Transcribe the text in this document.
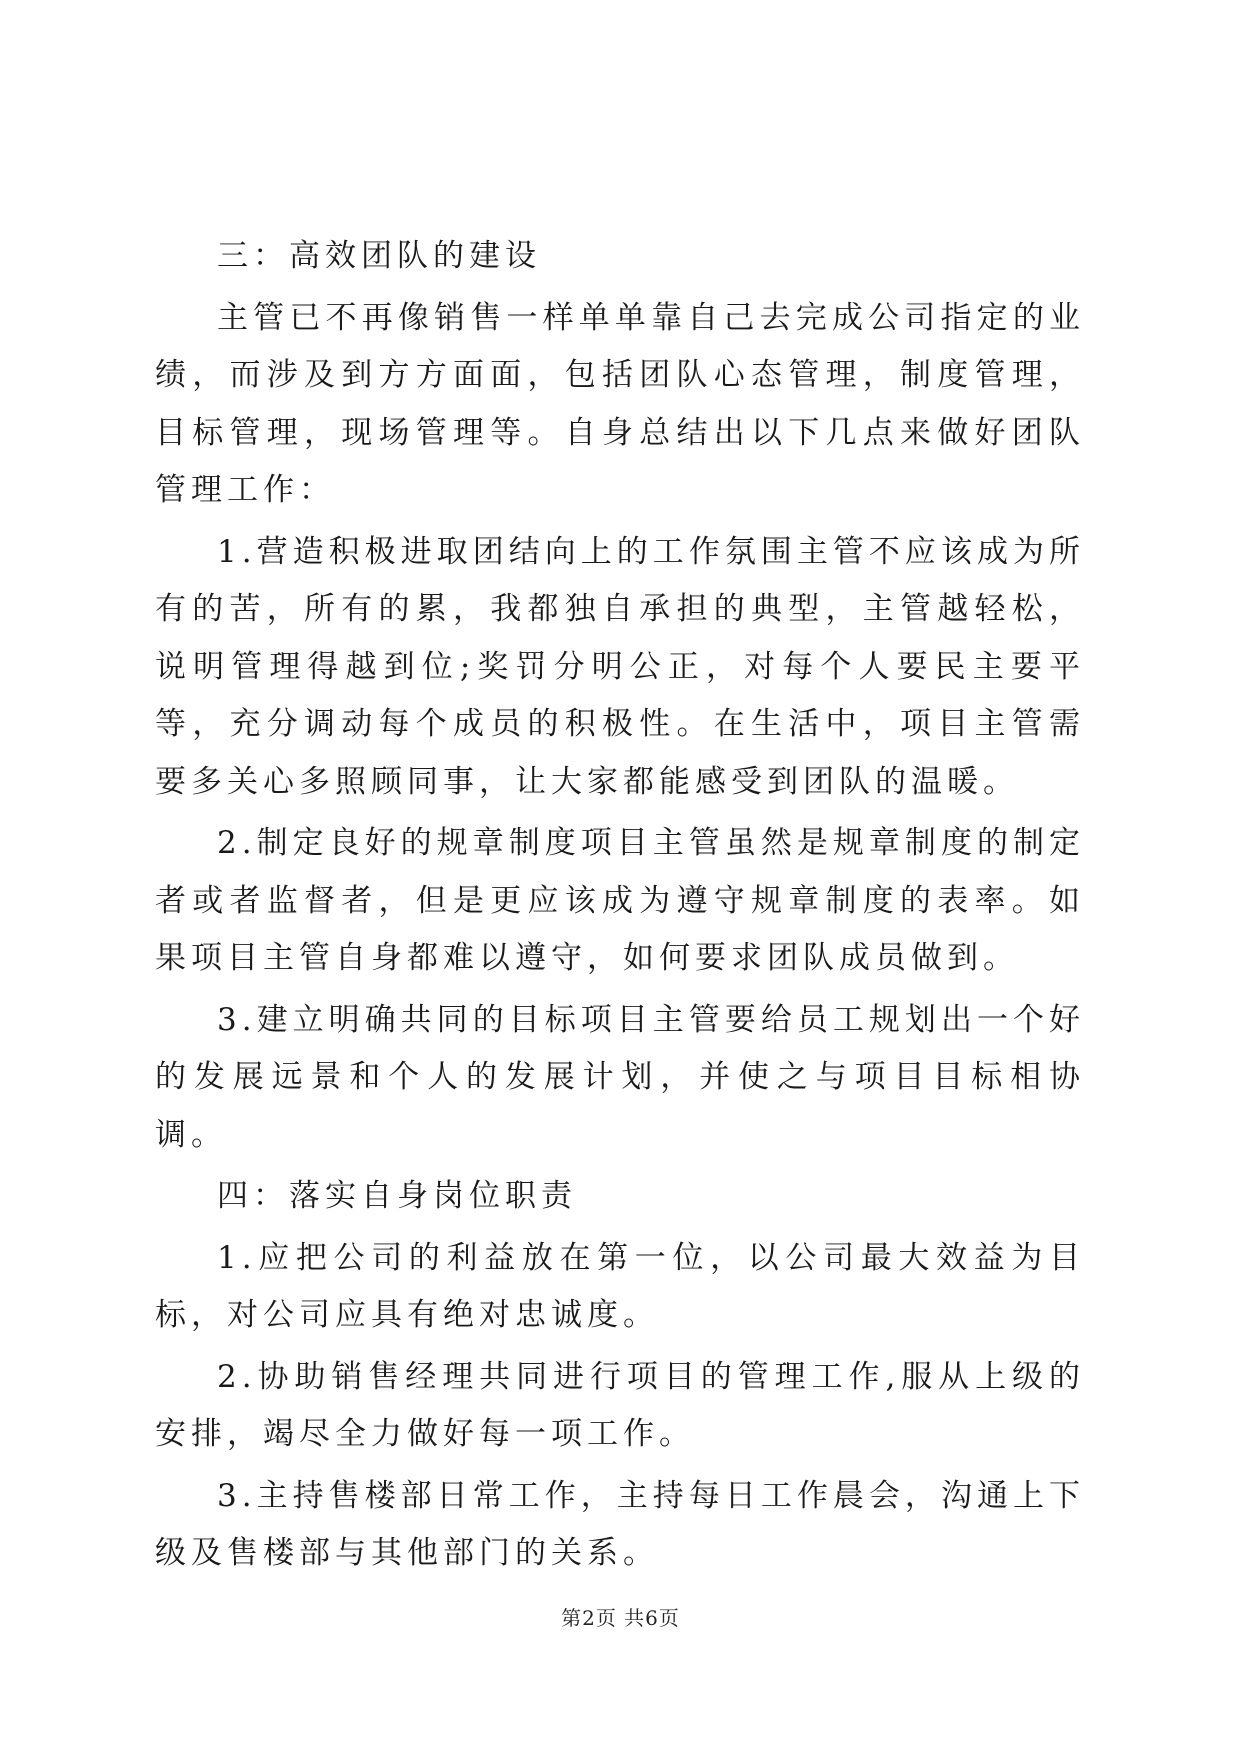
三：高效团队的建设

主管已不再像销售一样单单靠自己去完成公司指定的业绩，而涉及到方方面面，包括团队心态管理，制度管理，目标管理，现场管理等。自身总结出以下几点来做好团队管理工作：

1.营造积极进取团结向上的工作氛围主管不应该成为所有的苦，所有的累，我都独自承担的典型，主管越轻松，说明管理得越到位;奖罚分明公正，对每个人要民主要平等，充分调动每个成员的积极性。在生活中，项目主管需要多关心多照顾同事，让大家都能感受到团队的温暖。

2.制定良好的规章制度项目主管虽然是规章制度的制定者或者监督者，但是更应该成为遵守规章制度的表率。如果项目主管自身都难以遵守，如何要求团队成员做到。

3.建立明确共同的目标项目主管要给员工规划出一个好的发展远景和个人的发展计划，并使之与项目目标相协调。

四：落实自身岗位职责

1.应把公司的利益放在第一位，以公司最大效益为目标，对公司应具有绝对忠诚度。

2.协助销售经理共同进行项目的管理工作,服从上级的安排，竭尽全力做好每一项工作。

3.主持售楼部日常工作，主持每日工作晨会，沟通上下级及售楼部与其他部门的关系。

第2页 共6页
